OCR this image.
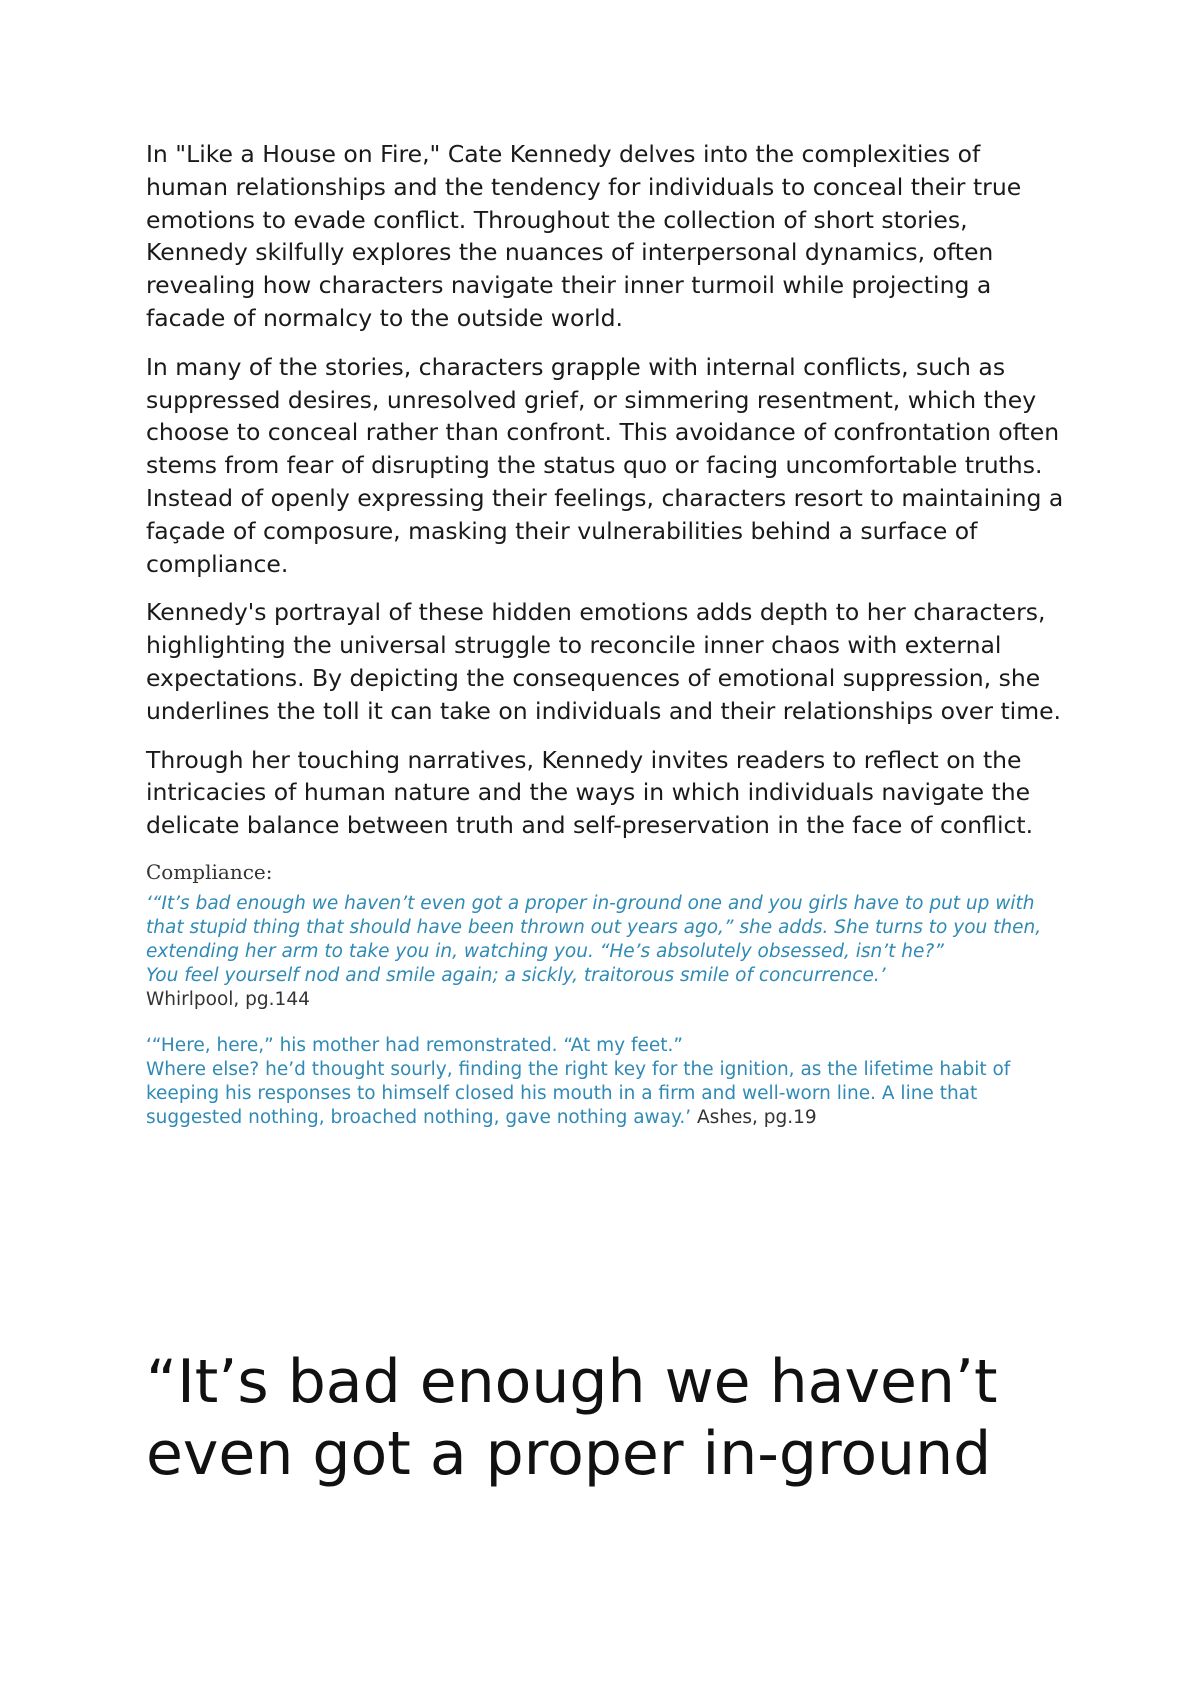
In "Like a House on Fire," Cate Kennedy delves into the complexities of human relationships and the tendency for individuals to conceal their true emotions to evade conflict. Throughout the collection of short stories, Kennedy skilfully explores the nuances of interpersonal dynamics, often revealing how characters navigate their inner turmoil while projecting a facade of normalcy to the outside world.

In many of the stories, characters grapple with internal conflicts, such as suppressed desires, unresolved grief, or simmering resentment, which they choose to conceal rather than confront. This avoidance of confrontation often stems from fear of disrupting the status quo or facing uncomfortable truths. Instead of openly expressing their feelings, characters resort to maintaining a façade of composure, masking their vulnerabilities behind a surface of compliance.

Kennedy's portrayal of these hidden emotions adds depth to her characters, highlighting the universal struggle to reconcile inner chaos with external expectations. By depicting the consequences of emotional suppression, she underlines the toll it can take on individuals and their relationships over time.

Through her touching narratives, Kennedy invites readers to reflect on the intricacies of human nature and the ways in which individuals navigate the delicate balance between truth and self-preservation in the face of conflict.

Compliance:

‘“It’s bad enough we haven’t even got a proper in-ground one and you girls have to put up with that stupid thing that should have been thrown out years ago,” she adds. She turns to you then, extending her arm to take you in, watching you. “He’s absolutely obsessed, isn’t he?”
You feel yourself nod and smile again; a sickly, traitorous smile of concurrence.’
Whirlpool, pg.144
‘“Here, here,” his mother had remonstrated. “At my feet.”
Where else? he’d thought sourly, finding the right key for the ignition, as the lifetime habit of keeping his responses to himself closed his mouth in a firm and well-worn line. A line that suggested nothing, broached nothing, gave nothing away.’ Ashes, pg.19

“It’s bad enough we haven’t even got a proper in-ground
